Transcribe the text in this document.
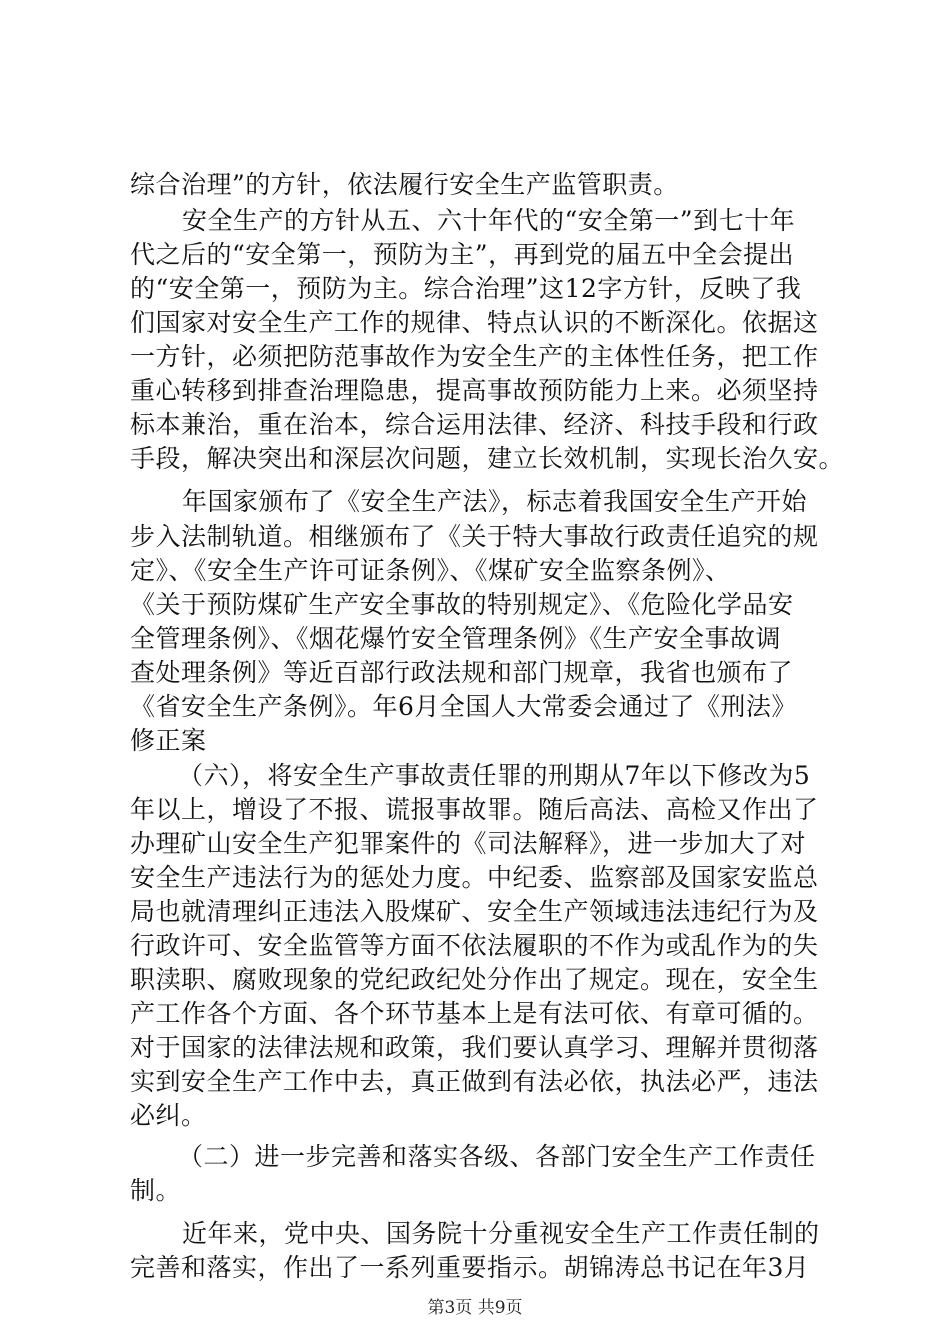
综合治理”的方针，依法履行安全生产监管职责。
安全生产的方针从五、六十年代的“安全第一”到七十年
代之后的“安全第一，预防为主”，再到党的届五中全会提出
的“安全第一，预防为主。综合治理”这12字方针，反映了我
们国家对安全生产工作的规律、特点认识的不断深化。依据这
一方针，必须把防范事故作为安全生产的主体性任务，把工作
重心转移到排查治理隐患，提高事故预防能力上来。必须坚持
标本兼治，重在治本，综合运用法律、经济、科技手段和行政
手段，解决突出和深层次问题，建立长效机制，实现长治久安。
年国家颁布了《安全生产法》，标志着我国安全生产开始
步入法制轨道。相继颁布了《关于特大事故行政责任追究的规
定》、《安全生产许可证条例》、《煤矿安全监察条例》、
《关于预防煤矿生产安全事故的特别规定》、《危险化学品安
全管理条例》、《烟花爆竹安全管理条例》《生产安全事故调
查处理条例》等近百部行政法规和部门规章，我省也颁布了
《省安全生产条例》。年6月全国人大常委会通过了《刑法》
修正案
（六），将安全生产事故责任罪的刑期从7年以下修改为5
年以上，增设了不报、谎报事故罪。随后高法、高检又作出了
办理矿山安全生产犯罪案件的《司法解释》，进一步加大了对
安全生产违法行为的惩处力度。中纪委、监察部及国家安监总
局也就清理纠正违法入股煤矿、安全生产领域违法违纪行为及
行政许可、安全监管等方面不依法履职的不作为或乱作为的失
职渎职、腐败现象的党纪政纪处分作出了规定。现在，安全生
产工作各个方面、各个环节基本上是有法可依、有章可循的。
对于国家的法律法规和政策，我们要认真学习、理解并贯彻落
实到安全生产工作中去，真正做到有法必依，执法必严，违法
必纠。
（二）进一步完善和落实各级、各部门安全生产工作责任
制。
近年来，党中央、国务院十分重视安全生产工作责任制的
完善和落实，作出了一系列重要指示。胡锦涛总书记在年3月
第3页 共9页
